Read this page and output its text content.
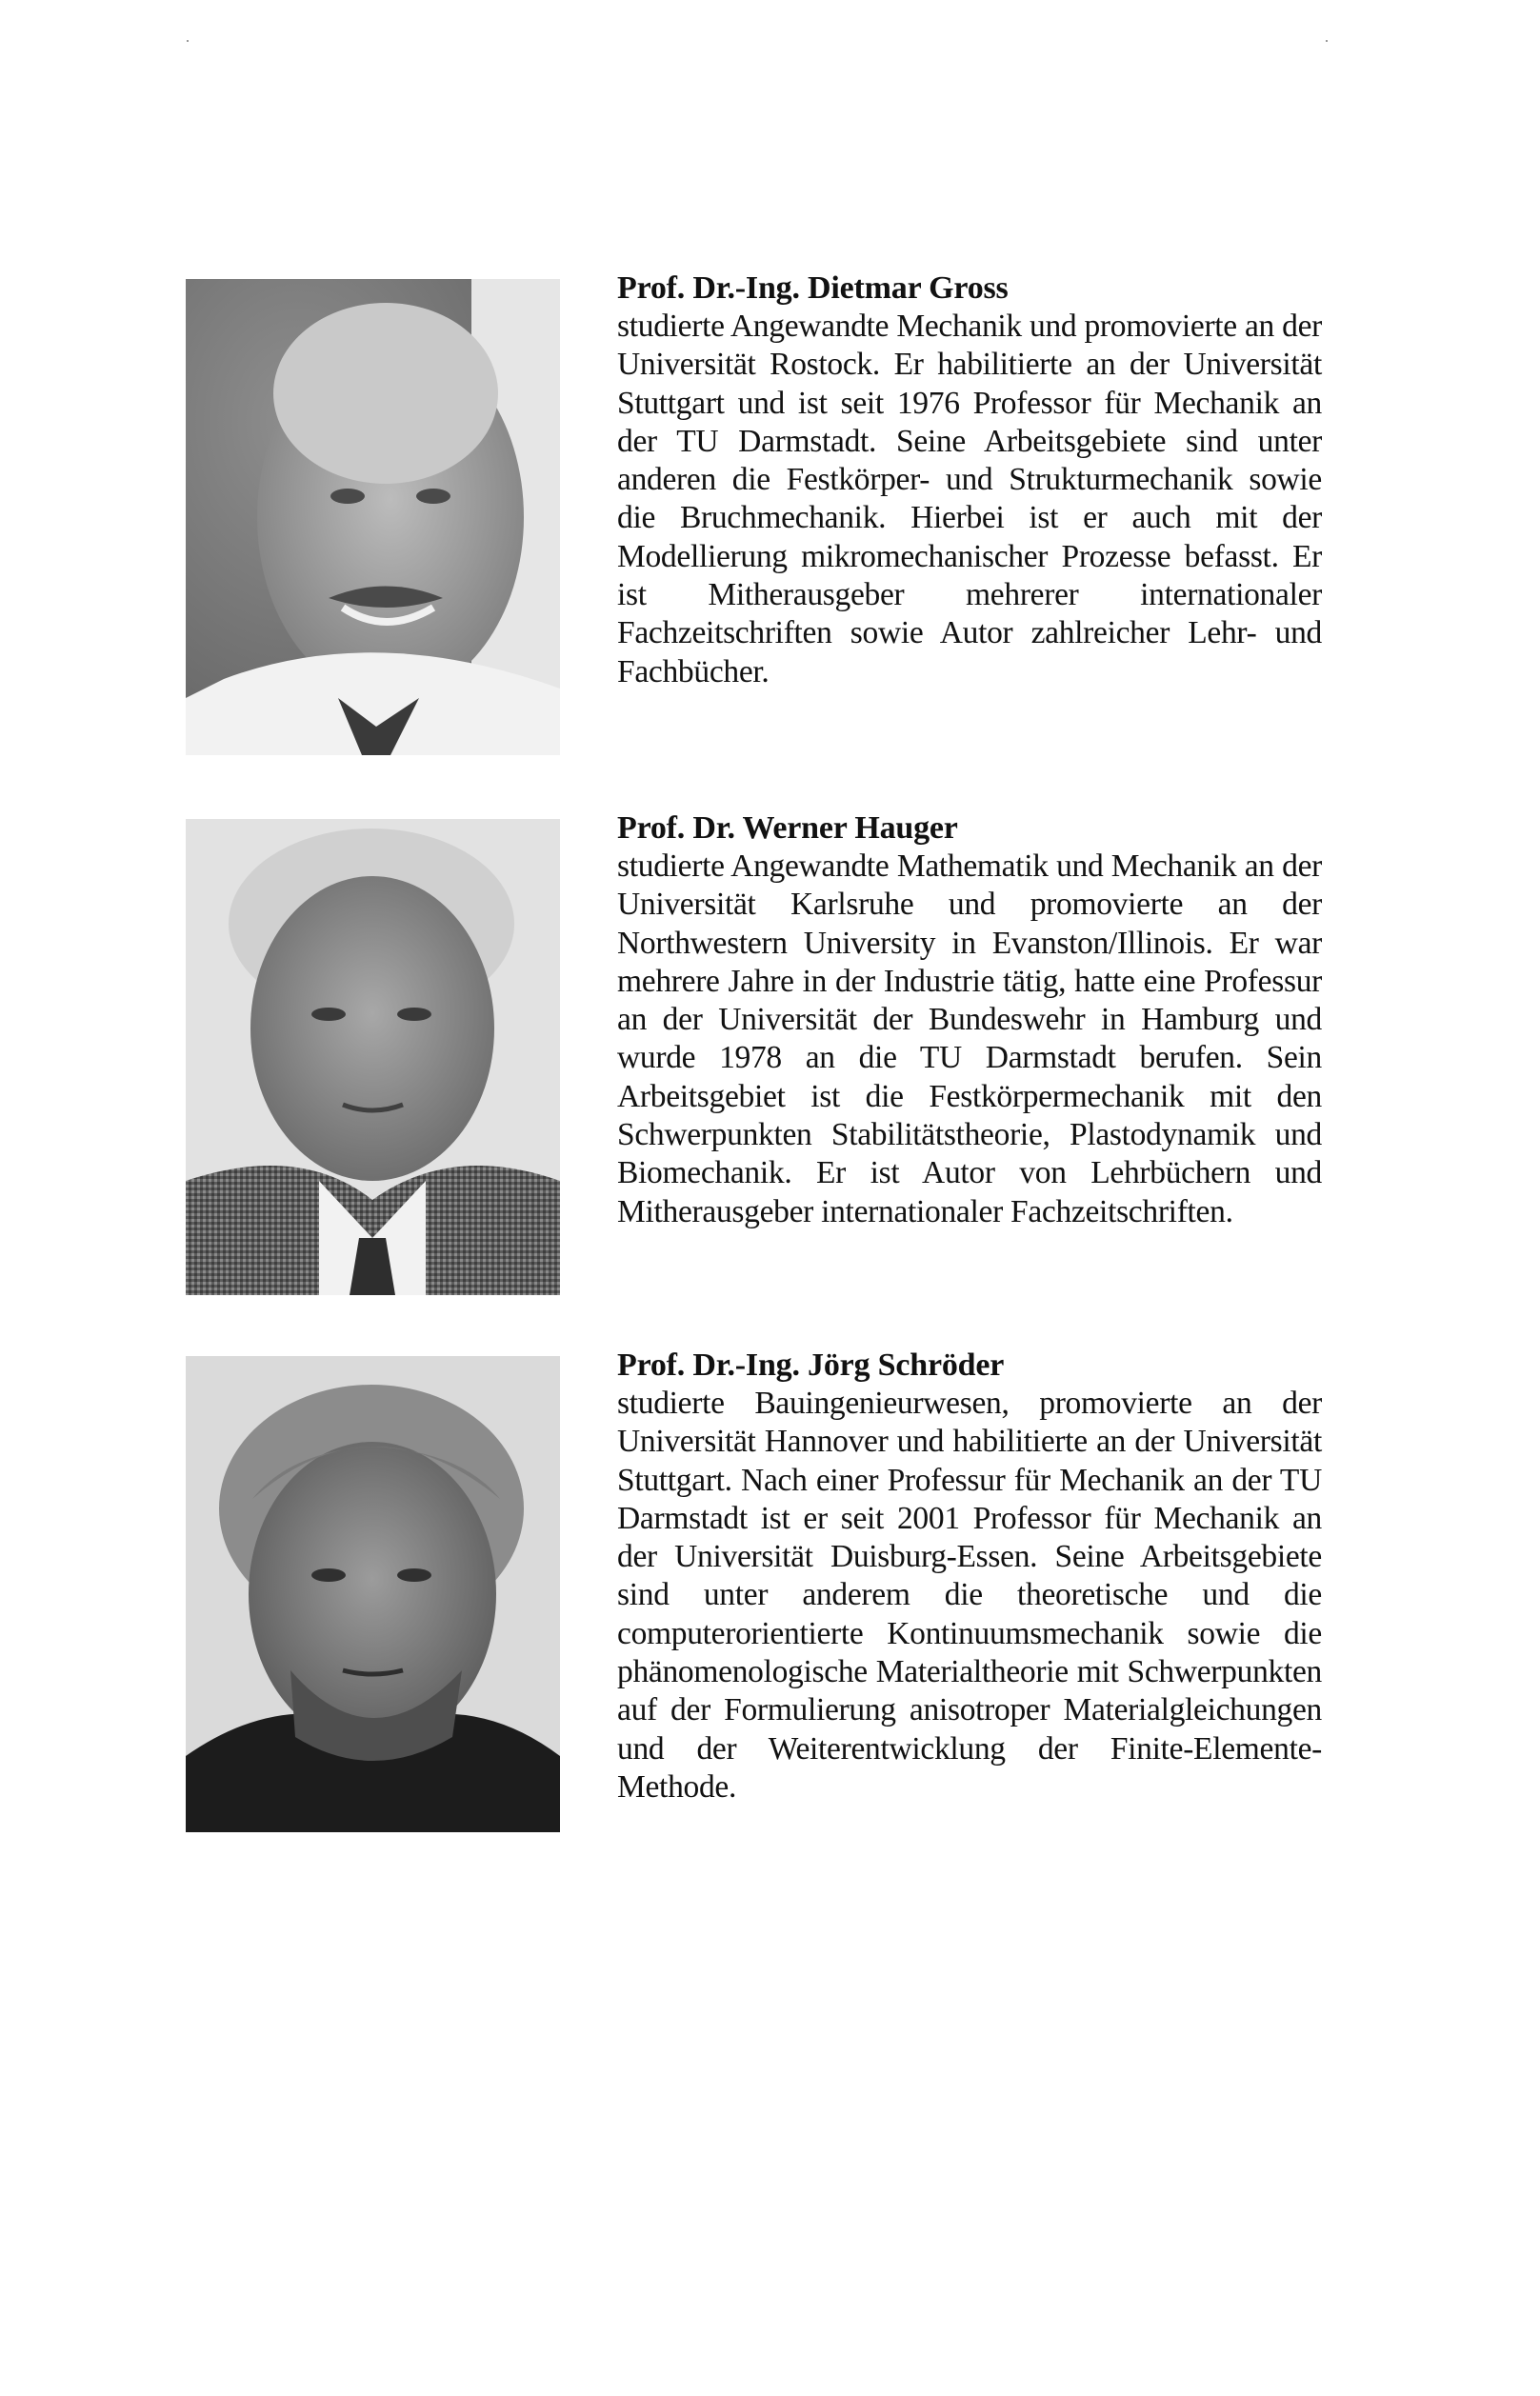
Prof. Dr.-Ing. Dietmar Gross

studierte Angewandte Mechanik und promovierte an der Universität Rostock. Er habilitierte an der Universität Stuttgart und ist seit 1976 Professor für Mechanik an der TU Darmstadt. Seine Arbeitsgebiete sind unter anderen die Festkörper- und Strukturmechanik sowie die Bruchmechanik. Hierbei ist er auch mit der Modellierung mikromechanischer Prozesse befasst. Er ist Mitherausgeber mehrerer internationaler Fachzeitschriften sowie Autor zahlreicher Lehr- und Fachbücher.

Prof. Dr. Werner Hauger

studierte Angewandte Mathematik und Mechanik an der Universität Karlsruhe und promovierte an der Northwestern University in Evanston/Illinois. Er war mehrere Jahre in der Industrie tätig, hatte eine Professur an der Universität der Bundeswehr in Hamburg und wurde 1978 an die TU Darmstadt berufen. Sein Arbeitsgebiet ist die Festkörpermechanik mit den Schwerpunkten Stabilitätstheorie, Plastodynamik und Biomechanik. Er ist Autor von Lehrbüchern und Mitherausgeber internationaler Fachzeitschriften.

Prof. Dr.-Ing. Jörg Schröder

studierte Bauingenieurwesen, promovierte an der Universität Hannover und habilitierte an der Universität Stuttgart. Nach einer Professur für Mechanik an der TU Darmstadt ist er seit 2001 Professor für Mechanik an der Universität Duisburg-Essen. Seine Arbeitsgebiete sind unter anderem die theoretische und die computerorientierte Kontinuumsmechanik sowie die phänomenologische Materialtheorie mit Schwerpunkten auf der Formulierung anisotroper Materialgleichungen und der Weiterentwicklung der Finite-Elemente-Methode.
